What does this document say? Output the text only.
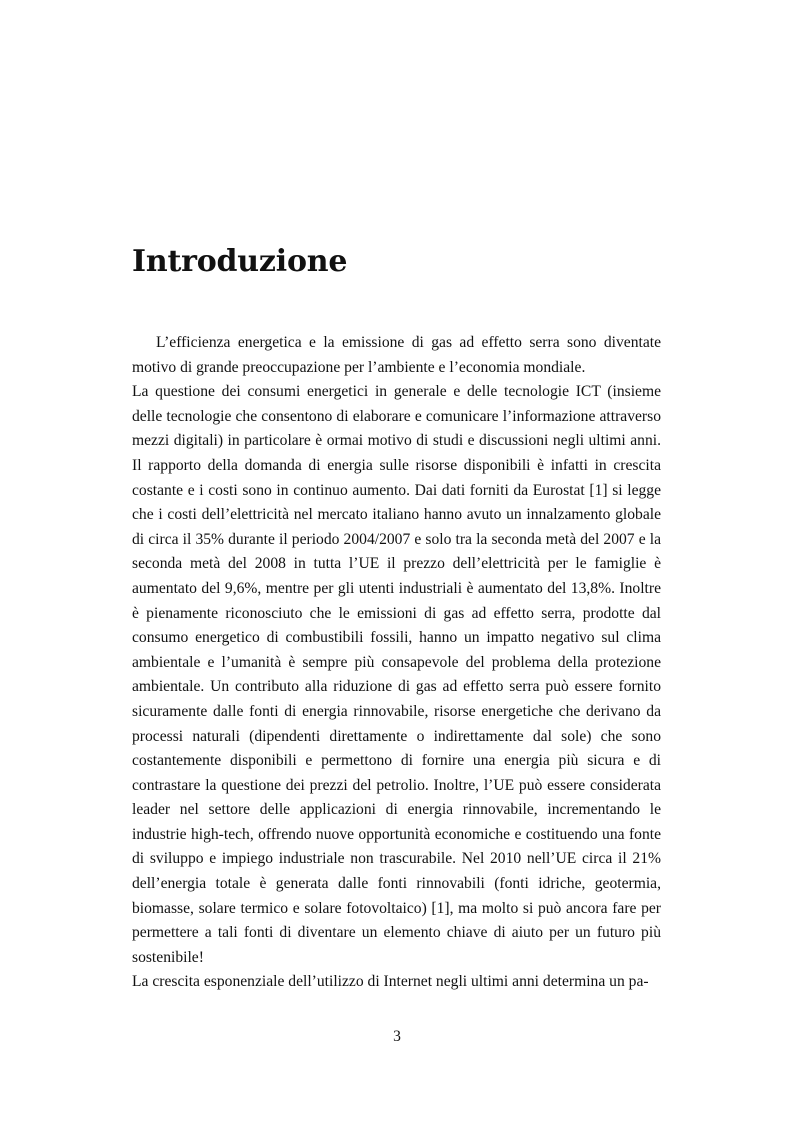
Introduzione

L’efficienza energetica e la emissione di gas ad effetto serra sono diventate motivo di grande preoccupazione per l’ambiente e l’economia mondiale.

La questione dei consumi energetici in generale e delle tecnologie ICT (insieme delle tecnologie che consentono di elaborare e comunicare l’informazione attraverso mezzi digitali) in particolare è ormai motivo di studi e discussioni negli ultimi anni. Il rapporto della domanda di energia sulle risorse disponibili è infatti in crescita costante e i costi sono in continuo aumento. Dai dati forniti da Eurostat [1] si legge che i costi dell’elettricità nel mercato italiano hanno avuto un innalzamento globale di circa il 35% durante il periodo 2004/2007 e solo tra la seconda metà del 2007 e la seconda metà del 2008 in tutta l’UE il prezzo dell’elettricità per le famiglie è aumentato del 9,6%, mentre per gli utenti industriali è aumentato del 13,8%. Inoltre è pienamente riconosciuto che le emissioni di gas ad effetto serra, prodotte dal consumo energetico di combustibili fossili, hanno un impatto negativo sul clima ambientale e l’umanità è sempre più consapevole del problema della protezione ambientale. Un contributo alla riduzione di gas ad effetto serra può essere fornito sicuramente dalle fonti di energia rinnovabile, risorse energetiche che derivano da processi naturali (dipendenti direttamente o indirettamente dal sole) che sono costantemente disponibili e permettono di fornire una energia più sicura e di contrastare la questione dei prezzi del petrolio. Inoltre, l’UE può essere considerata leader nel settore delle applicazioni di energia rinnovabile, incrementando le industrie high-tech, offrendo nuove opportunità economiche e costituendo una fonte di sviluppo e impiego industriale non trascurabile. Nel 2010 nell’UE circa il 21% dell’energia totale è generata dalle fonti rinnovabili (fonti idriche, geotermia, biomasse, solare termico e solare fotovoltaico) [1], ma molto si può ancora fare per permettere a tali fonti di diventare un elemento chiave di aiuto per un futuro più sostenibile!

La crescita esponenziale dell’utilizzo di Internet negli ultimi anni determina un pa-

3
